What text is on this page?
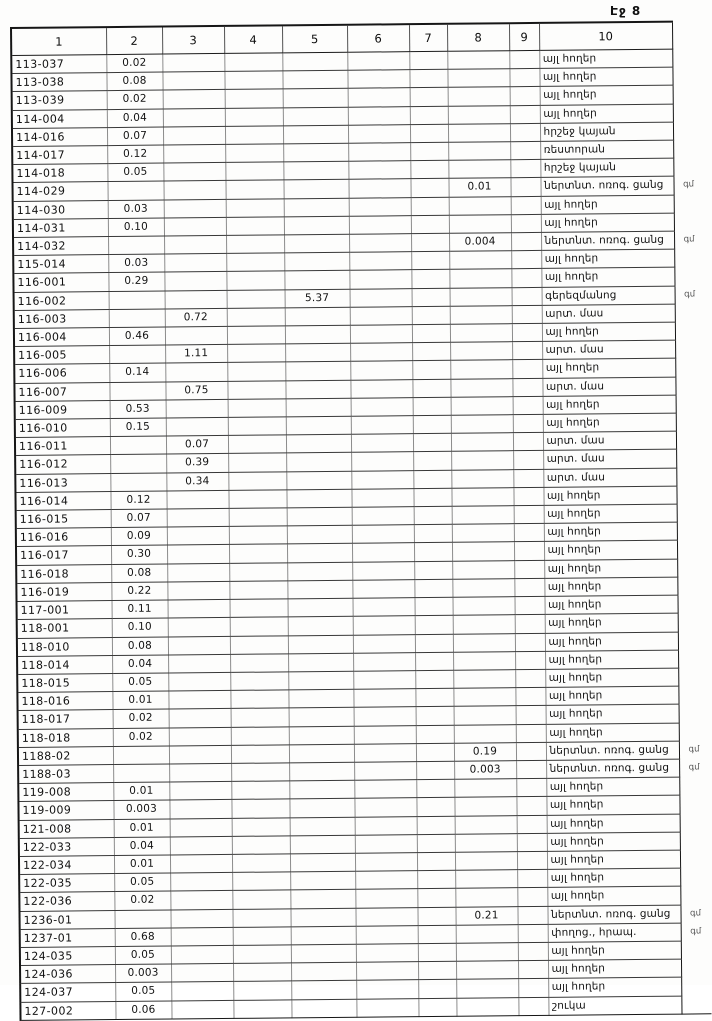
Էջ 8
1	2	3	4	5	6	7	8	9	10	
113-037	0.02								այլ հողեր	
113-038	0.08								այլ հողեր	
113-039	0.02								այլ հողեր	
114-004	0.04								այլ հողեր	
114-016	0.07								հրշեջ կայան	
114-017	0.12								ռեստորան	
114-018	0.05								հրշեջ կայան	
114-029							0.01		ներտնտ. ոռոգ. ցանց	գմ
114-030	0.03								այլ հողեր	
114-031	0.10								այլ հողեր	
114-032							0.004		ներտնտ. ոռոգ. ցանց	գմ
115-014	0.03								այլ հողեր	
116-001	0.29								այլ հողեր	
116-002				5.37					գերեզմանոց	գմ
116-003		0.72							արտ. մաս	
116-004	0.46								այլ հողեր	
116-005		1.11							արտ. մաս	
116-006	0.14								այլ հողեր	
116-007		0.75							արտ. մաս	
116-009	0.53								այլ հողեր	
116-010	0.15								այլ հողեր	
116-011		0.07							արտ. մաս	
116-012		0.39							արտ. մաս	
116-013		0.34							արտ. մաս	
116-014	0.12								այլ հողեր	
116-015	0.07								այլ հողեր	
116-016	0.09								այլ հողեր	
116-017	0.30								այլ հողեր	
116-018	0.08								այլ հողեր	
116-019	0.22								այլ հողեր	
117-001	0.11								այլ հողեր	
118-001	0.10								այլ հողեր	
118-010	0.08								այլ հողեր	
118-014	0.04								այլ հողեր	
118-015	0.05								այլ հողեր	
118-016	0.01								այլ հողեր	
118-017	0.02								այլ հողեր	
118-018	0.02								այլ հողեր	
1188-02							0.19		ներտնտ. ոռոգ. ցանց	գմ
1188-03							0.003		ներտնտ. ոռոգ. ցանց	գմ
119-008	0.01								այլ հողեր	
119-009	0.003								այլ հողեր	
121-008	0.01								այլ հողեր	
122-033	0.04								այլ հողեր	
122-034	0.01								այլ հողեր	
122-035	0.05								այլ հողեր	
122-036	0.02								այլ հողեր	
1236-01							0.21		ներտնտ. ոռոգ. ցանց	գմ
1237-01	0.68								փողոց., հրապ.	գմ
124-035	0.05								այլ հողեր	
124-036	0.003								այլ հողեր	
124-037	0.05								այլ հողեր	
127-002	0.06								շուկա	
